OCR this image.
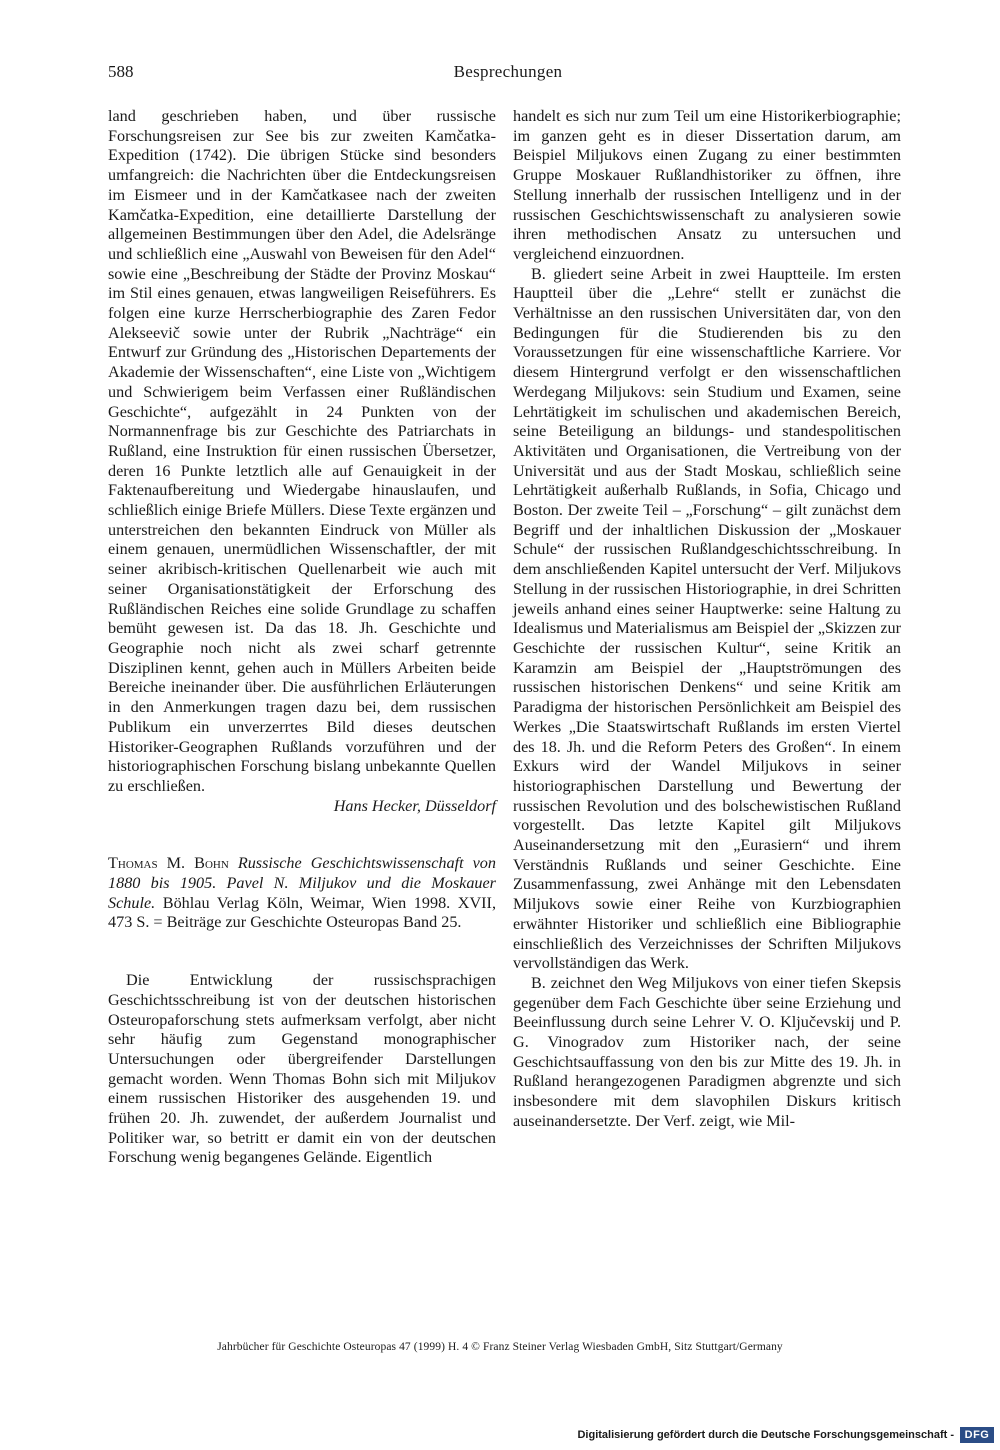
588	Besprechungen

land geschrieben haben, und über russische Forschungsreisen zur See bis zur zweiten Kamčatka-Expedition (1742). Die übrigen Stücke sind besonders umfangreich: die Nachrichten über die Entdeckungsreisen im Eismeer und in der Kamčatkasee nach der zweiten Kamčatka-Expedition, eine detaillierte Darstellung der allgemeinen Bestimmungen über den Adel, die Adelsränge und schließlich eine „Auswahl von Beweisen für den Adel“ sowie eine „Beschreibung der Städte der Provinz Moskau“ im Stil eines genauen, etwas langweiligen Reiseführers. Es folgen eine kurze Herrscherbiographie des Zaren Fedor Alekseevič sowie unter der Rubrik „Nachträge“ ein Entwurf zur Gründung des „Historischen Departements der Akademie der Wissenschaften“, eine Liste von „Wichtigem und Schwierigem beim Verfassen einer Rußländischen Geschichte“, aufgezählt in 24 Punkten von der Normannenfrage bis zur Geschichte des Patriarchats in Rußland, eine Instruktion für einen russischen Übersetzer, deren 16 Punkte letztlich alle auf Genauigkeit in der Faktenaufbereitung und Wiedergabe hinauslaufen, und schließlich einige Briefe Müllers. Diese Texte ergänzen und unterstreichen den bekannten Eindruck von Müller als einem genauen, unermüdlichen Wissenschaftler, der mit seiner akribisch-kritischen Quellenarbeit wie auch mit seiner Organisationstätigkeit der Erforschung des Rußländischen Reiches eine solide Grundlage zu schaffen bemüht gewesen ist. Da das 18. Jh. Geschichte und Geographie noch nicht als zwei scharf getrennte Disziplinen kennt, gehen auch in Müllers Arbeiten beide Bereiche ineinander über. Die ausführlichen Erläuterungen in den Anmerkungen tragen dazu bei, dem russischen Publikum ein unverzerrtes Bild dieses deutschen Historiker-Geographen Rußlands vorzuführen und der historiographischen Forschung bislang unbekannte Quellen zu erschließen.

Hans Hecker, Düsseldorf

Thomas M. Bohn Russische Geschichtswissenschaft von 1880 bis 1905. Pavel N. Miljukov und die Moskauer Schule. Böhlau Verlag Köln, Weimar, Wien 1998. XVII, 473 S. = Beiträge zur Geschichte Osteuropas Band 25.

Die Entwicklung der russischsprachigen Geschichtsschreibung ist von der deutschen historischen Osteuropaforschung stets aufmerksam verfolgt, aber nicht sehr häufig zum Gegenstand monographischer Untersuchungen oder übergreifender Darstellungen gemacht worden. Wenn Thomas Bohn sich mit Miljukov einem russischen Historiker des ausgehenden 19. und frühen 20. Jh. zuwendet, der außerdem Journalist und Politiker war, so betritt er damit ein von der deutschen Forschung wenig begangenes Gelände. Eigentlich

handelt es sich nur zum Teil um eine Historikerbiographie; im ganzen geht es in dieser Dissertation darum, am Beispiel Miljukovs einen Zugang zu einer bestimmten Gruppe Moskauer Rußlandhistoriker zu öffnen, ihre Stellung innerhalb der russischen Intelligenz und in der russischen Geschichtswissenschaft zu analysieren sowie ihren methodischen Ansatz zu untersuchen und vergleichend einzuordnen.

B. gliedert seine Arbeit in zwei Hauptteile. Im ersten Hauptteil über die „Lehre“ stellt er zunächst die Verhältnisse an den russischen Universitäten dar, von den Bedingungen für die Studierenden bis zu den Voraussetzungen für eine wissenschaftliche Karriere. Vor diesem Hintergrund verfolgt er den wissenschaftlichen Werdegang Miljukovs: sein Studium und Examen, seine Lehrtätigkeit im schulischen und akademischen Bereich, seine Beteiligung an bildungs- und standespolitischen Aktivitäten und Organisationen, die Vertreibung von der Universität und aus der Stadt Moskau, schließlich seine Lehrtätigkeit außerhalb Rußlands, in Sofia, Chicago und Boston. Der zweite Teil – „Forschung“ – gilt zunächst dem Begriff und der inhaltlichen Diskussion der „Moskauer Schule“ der russischen Rußlandgeschichtsschreibung. In dem anschließenden Kapitel untersucht der Verf. Miljukovs Stellung in der russischen Historiographie, in drei Schritten jeweils anhand eines seiner Hauptwerke: seine Haltung zu Idealismus und Materialismus am Beispiel der „Skizzen zur Geschichte der russischen Kultur“, seine Kritik an Karamzin am Beispiel der „Hauptströmungen des russischen historischen Denkens“ und seine Kritik am Paradigma der historischen Persönlichkeit am Beispiel des Werkes „Die Staatswirtschaft Rußlands im ersten Viertel des 18. Jh. und die Reform Peters des Großen“. In einem Exkurs wird der Wandel Miljukovs in seiner historiographischen Darstellung und Bewertung der russischen Revolution und des bolschewistischen Rußland vorgestellt. Das letzte Kapitel gilt Miljukovs Auseinandersetzung mit den „Eurasiern“ und ihrem Verständnis Rußlands und seiner Geschichte. Eine Zusammenfassung, zwei Anhänge mit den Lebensdaten Miljukovs sowie einer Reihe von Kurzbiographien erwähnter Historiker und schließlich eine Bibliographie einschließlich des Verzeichnisses der Schriften Miljukovs vervollständigen das Werk.

B. zeichnet den Weg Miljukovs von einer tiefen Skepsis gegenüber dem Fach Geschichte über seine Erziehung und Beeinflussung durch seine Lehrer V. O. Ključevskij und P. G. Vinogradov zum Historiker nach, der seine Geschichtsauffassung von den bis zur Mitte des 19. Jh. in Rußland herangezogenen Paradigmen abgrenzte und sich insbesondere mit dem slavophilen Diskurs kritisch auseinandersetzte. Der Verf. zeigt, wie Mil-

Jahrbücher für Geschichte Osteuropas 47 (1999) H. 4 © Franz Steiner Verlag Wiesbaden GmbH, Sitz Stuttgart/Germany
Digitalisierung gefördert durch die Deutsche Forschungsgemeinschaft - DFG
